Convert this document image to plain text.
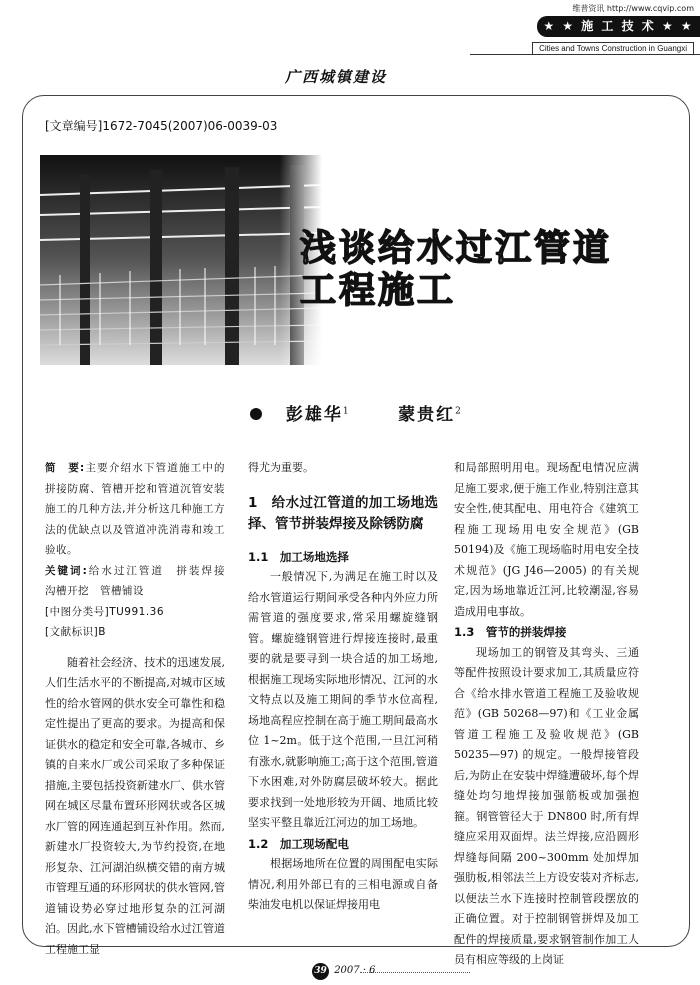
维普资讯 http://www.cqvip.com
★ ★ 施 工 技 术 ★ ★
Cities and Towns Construction in Guangxi
广西城镇建设
[文章编号]1672-7045(2007)06-0039-03
浅谈给水过江管道
工程施工
彭雄华$^1$	蒙贵红$^2$

简　要:主要介绍水下管道施工中的拼接防腐、管槽开挖和管道沉管安装施工的几种方法,并分析这几种施工方法的优缺点以及管道冲洗消毒和竣工验收。

关键词:给水过江管道　拼装焊接　沟槽开挖　管槽铺设

[中图分类号]TU991.36

[文献标识]B

随着社会经济、技术的迅速发展,人们生活水平的不断提高,对城市区域性的给水管网的供水安全可靠性和稳定性提出了更高的要求。为提高和保证供水的稳定和安全可靠,各城市、乡镇的自来水厂或公司采取了多种保证措施,主要包括投资新建水厂、供水管网在城区尽量布置环形网状或各区城水厂管的网连通起到互补作用。然而,新建水厂投资较大,为节约投资,在地形复杂、江河湖泊纵横交错的南方城市管理互通的环形网状的供水管网,管道铺设势必穿过地形复杂的江河湖泊。因此,水下管槽铺设给水过江管道工程施工显

得尤为重要。

1　给水过江管道的加工场地选择、管节拼装焊接及除锈防腐

1.1　加工场地选择

一般情况下,为满足在施工时以及给水管道运行期间承受各种内外应力所需管道的强度要求,常采用螺旋缝钢管。螺旋缝钢管进行焊接连接时,最重要的就是要寻到一块合适的加工场地,根据施工现场实际地形情况、江河的水文特点以及施工期间的季节水位高程,场地高程应控制在高于施工期间最高水位 1~2m。低于这个范围,一旦江河稍有涨水,就影响施工;高于这个范围,管道下水困难,对外防腐层破坏较大。据此要求找到一处地形较为开阔、地质比较坚实平整且靠近江河边的加工场地。

1.2　加工现场配电

根据场地所在位置的周围配电实际情况,利用外部已有的三相电源或自备柴油发电机以保证焊接用电

和局部照明用电。现场配电情况应满足施工要求,便于施工作业,特别注意其安全性,使其配电、用电符合《建筑工程施工现场用电安全规范》(GB 50194)及《施工现场临时用电安全技术规范》(JG J46—2005) 的有关规定,因为场地靠近江河,比较潮湿,容易造成用电事故。

1.3　管节的拼装焊接

现场加工的钢管及其弯头、三通等配件按照设计要求加工,其质量应符合《给水排水管道工程施工及验收规范》(GB 50268—97)和《工业金属管道工程施工及验收规范》(GB 50235—97) 的规定。一般焊接管段后,为防止在安装中焊缝遭破坏,每个焊缝处均匀地焊接加强筋板或加强抱箍。钢管管径大于 DN800 时,所有焊缝应采用双面焊。法兰焊接,应沿圆形焊缝每间隔 200~300mm 处加焊加强肋板,相邻法兰上方设安装对齐标志,以便法兰水下连接时控制管段摆放的正确位置。对于控制钢管拼焊及加工配件的焊接质量,要求钢管制作加工人员有相应等级的上岗证

39 2007 · 6
